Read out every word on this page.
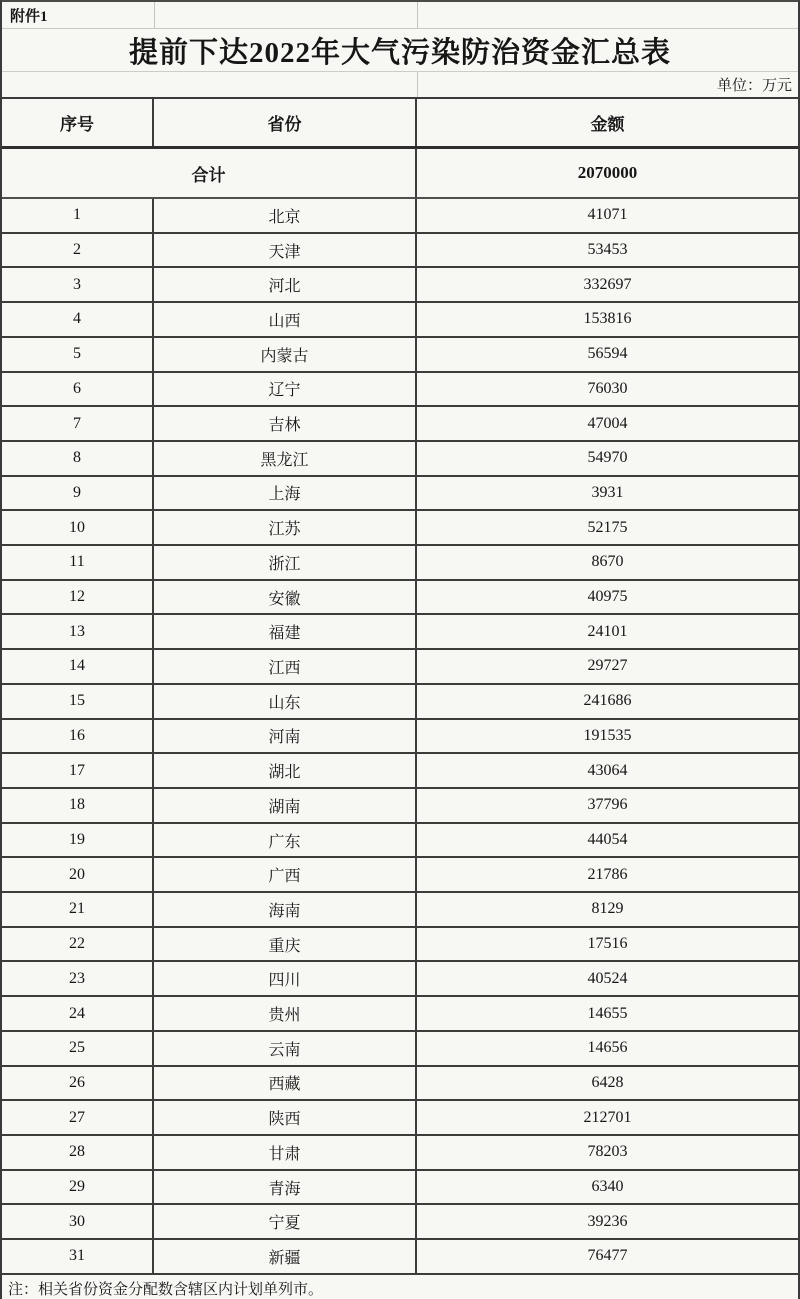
附件1
提前下达2022年大气污染防治资金汇总表
单位：万元
序号	省份	金额
合计	2070000
1	北京	41071
2	天津	53453
3	河北	332697
4	山西	153816
5	内蒙古	56594
6	辽宁	76030
7	吉林	47004
8	黑龙江	54970
9	上海	3931
10	江苏	52175
11	浙江	8670
12	安徽	40975
13	福建	24101
14	江西	29727
15	山东	241686
16	河南	191535
17	湖北	43064
18	湖南	37796
19	广东	44054
20	广西	21786
21	海南	8129
22	重庆	17516
23	四川	40524
24	贵州	14655
25	云南	14656
26	西藏	6428
27	陕西	212701
28	甘肃	78203
29	青海	6340
30	宁夏	39236
31	新疆	76477
注：相关省份资金分配数含辖区内计划单列市。
